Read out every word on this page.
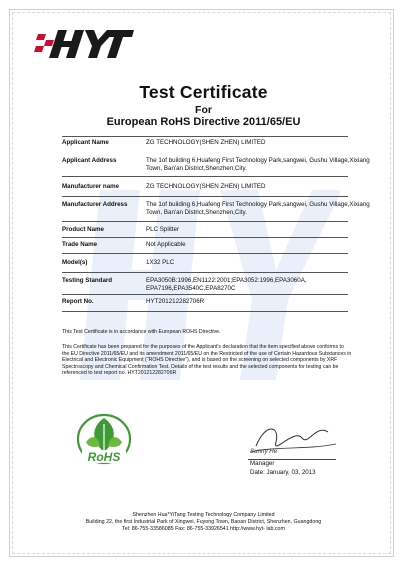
Test Certificate
For
European RoHS Directive 2011/65/EU
Applicant Name	ZG TECHNOLOGY(SHEN ZHEN) LIMITED
Applicant Address	The 1of building 6,Huafeng First Technology Park,sangwei, Gushu Village,Xixiang Town, Ban'an District,Shenzhen,City.
Manufacturer name	ZG TECHNOLOGY(SHEN ZHEN) LIMITED
Manufacturer Address	The 1of building 6,Huafeng First Technology Park,sangwei, Gushu Village,Xixiang Town, Ban'an District,Shenzhen,City.
Product Name	PLC Splitter
Trade Name	Not Applicable
Model(s)	1X32 PLC
Testing Standard	EPA3050B:1996,EN1122:2001;EPA3052:1996,EPA3060A, EPA7196,EPA3540C,EPA8270C
Report No.	HYT201212282706R
This Test Certificate is in accordance with European ROHS Directive.
This Certificate has been prepared for the purposes of the Applicant's declaration that the item specified above conforms to the EU Directive 2011/65/EU and its amendment 2011/65/EU on the Restricted of the use of Certain Hazardous Substances in Electrical and Electronic Equipment ("ROHS Directive"), and is based on the screening on selected components by XRF Spectroscopy and Chemical Confirmation Test. Details of the test results and the selected components for testing can be referenced to test report no. HYT201212282706R
RoHS	Sunny He
Manager
Date: January, 03, 2013
Shenzhen Hua*YiTang Testing Technology Company Limited
Building 22, the first Industrial Park of Xingwei, Fuyong Town, Baoan District, Shenzhen, Guangdong
Tel: 86-755-33586085 Fax: 86-755-33926541 http://www.hyt- lab.com
